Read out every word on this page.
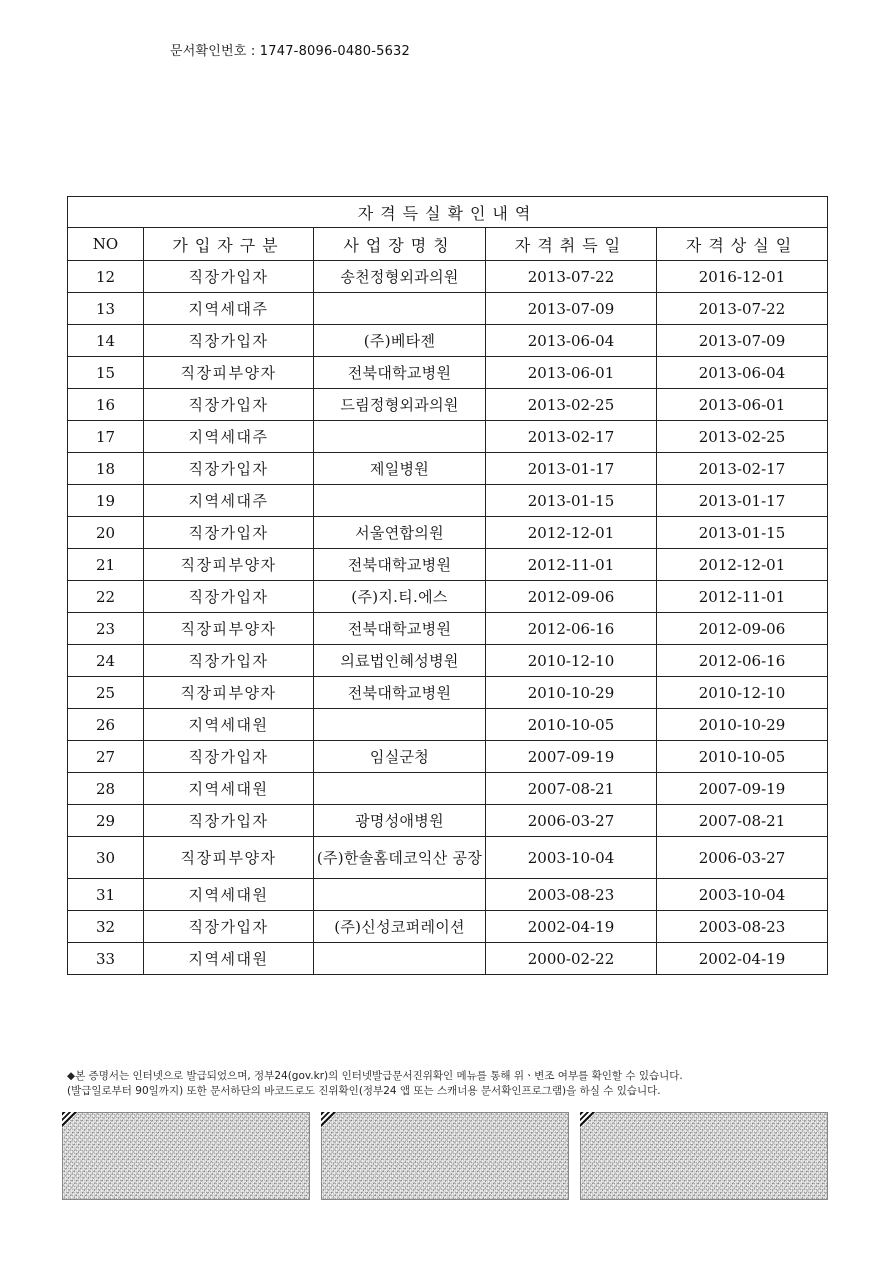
문서확인번호 : 1747-8096-0480-5632
자격득실확인내역				
NO	가입자구분	사업장명칭	자격취득일	자격상실일
12	직장가입자	송천정형외과의원	2013-07-22	2016-12-01
13	지역세대주		2013-07-09	2013-07-22
14	직장가입자	(주)베타젠	2013-06-04	2013-07-09
15	직장피부양자	전북대학교병원	2013-06-01	2013-06-04
16	직장가입자	드림정형외과의원	2013-02-25	2013-06-01
17	지역세대주		2013-02-17	2013-02-25
18	직장가입자	제일병원	2013-01-17	2013-02-17
19	지역세대주		2013-01-15	2013-01-17
20	직장가입자	서울연합의원	2012-12-01	2013-01-15
21	직장피부양자	전북대학교병원	2012-11-01	2012-12-01
22	직장가입자	(주)지.티.에스	2012-09-06	2012-11-01
23	직장피부양자	전북대학교병원	2012-06-16	2012-09-06
24	직장가입자	의료법인혜성병원	2010-12-10	2012-06-16
25	직장피부양자	전북대학교병원	2010-10-29	2010-12-10
26	지역세대원		2010-10-05	2010-10-29
27	직장가입자	임실군청	2007-09-19	2010-10-05
28	지역세대원		2007-08-21	2007-09-19
29	직장가입자	광명성애병원	2006-03-27	2007-08-21
30	직장피부양자	(주)한솔홈데코익산 공장	2003-10-04	2006-03-27
31	지역세대원		2003-08-23	2003-10-04
32	직장가입자	(주)신성코퍼레이션	2002-04-19	2003-08-23
33	지역세대원		2000-02-22	2002-04-19
◆본 증명서는 인터넷으로 발급되었으며, 정부24(gov.kr)의 인터넷발급문서진위확인 메뉴를 통해 위ㆍ변조 여부를 확인할 수 있습니다.
(발급일로부터 90일까지) 또한 문서하단의 바코드로도 진위확인(정부24 앱 또는 스캐너용 문서확인프로그램)을 하실 수 있습니다.
